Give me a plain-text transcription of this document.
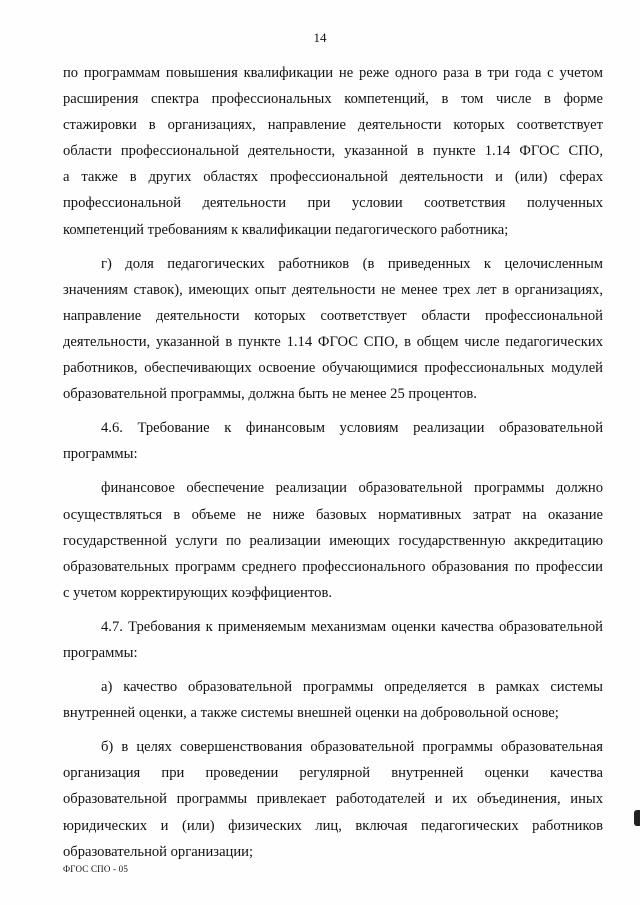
14
по программам повышения квалификации не реже одного раза в три года с учетом
расширения спектра профессиональных компетенций, в том числе в форме
стажировки в организациях, направление деятельности которых соответствует
области профессиональной деятельности, указанной в пункте 1.14 ФГОС СПО,
а также в других областях профессиональной деятельности и (или) сферах
профессиональной деятельности при условии соответствия полученных
компетенций требованиям к квалификации педагогического работника;
г) доля педагогических работников (в приведенных к целочисленным
значениям ставок), имеющих опыт деятельности не менее трех лет в организациях,
направление деятельности которых соответствует области профессиональной
деятельности, указанной в пункте 1.14 ФГОС СПО, в общем числе педагогических
работников, обеспечивающих освоение обучающимися профессиональных модулей
образовательной программы, должна быть не менее 25 процентов.
4.6. Требование к финансовым условиям реализации образовательной
программы:
финансовое обеспечение реализации образовательной программы должно
осуществляться в объеме не ниже базовых нормативных затрат на оказание
государственной услуги по реализации имеющих государственную аккредитацию
образовательных программ среднего профессионального образования по профессии
с учетом корректирующих коэффициентов.
4.7. Требования к применяемым механизмам оценки качества образовательной
программы:
а) качество образовательной программы определяется в рамках системы
внутренней оценки, а также системы внешней оценки на добровольной основе;
б) в целях совершенствования образовательной программы образовательная
организация при проведении регулярной внутренней оценки качества
образовательной программы привлекает работодателей и их объединения, иных
юридических и (или) физических лиц, включая педагогических работников
образовательной организации;
ФГОС СПО - 05
